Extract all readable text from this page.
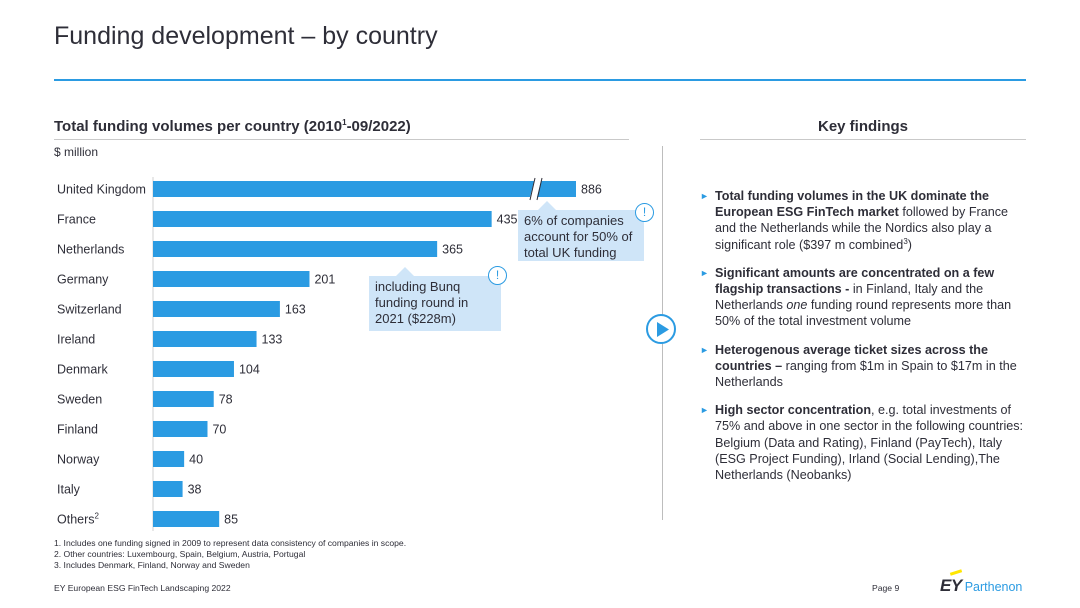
Funding development – by country
Total funding volumes per country (2010$^1$-09/2022)
$ million
United Kingdom	886
France	435
Netherlands	365
Germany	201
Switzerland	163
Ireland	133
Denmark	104
Sweden	78
Finland	70
Norway	40
Italy	38
Others$^2$	85
6% of companies account for 50% of total UK funding
!
including Bunq funding round in 2021 ($228m)
!
Key findings
► Total funding volumes in the UK dominate the European ESG FinTech market followed by France and the Netherlands while the Nordics also play a significant role ($397 m combined$^3$)
► Significant amounts are concentrated on a few flagship transactions - in Finland, Italy and the Netherlands one funding round represents more than 50% of the total investment volume
► Heterogenous average ticket sizes across the countries – ranging from $1m in Spain to $17m in the Netherlands
► High sector concentration, e.g. total investments of 75% and above in one sector in the following countries: Belgium (Data and Rating), Finland (PayTech), Italy (ESG Project Funding), Irland (Social Lending),The Netherlands (Neobanks)
1. Includes one funding signed in 2009 to represent data consistency of companies in scope.
2. Other countries: Luxembourg, Spain, Belgium, Austria, Portugal
3. Includes Denmark, Finland, Norway and Sweden
EY European ESG FinTech Landscaping 2022	Page 9 EY Parthenon
